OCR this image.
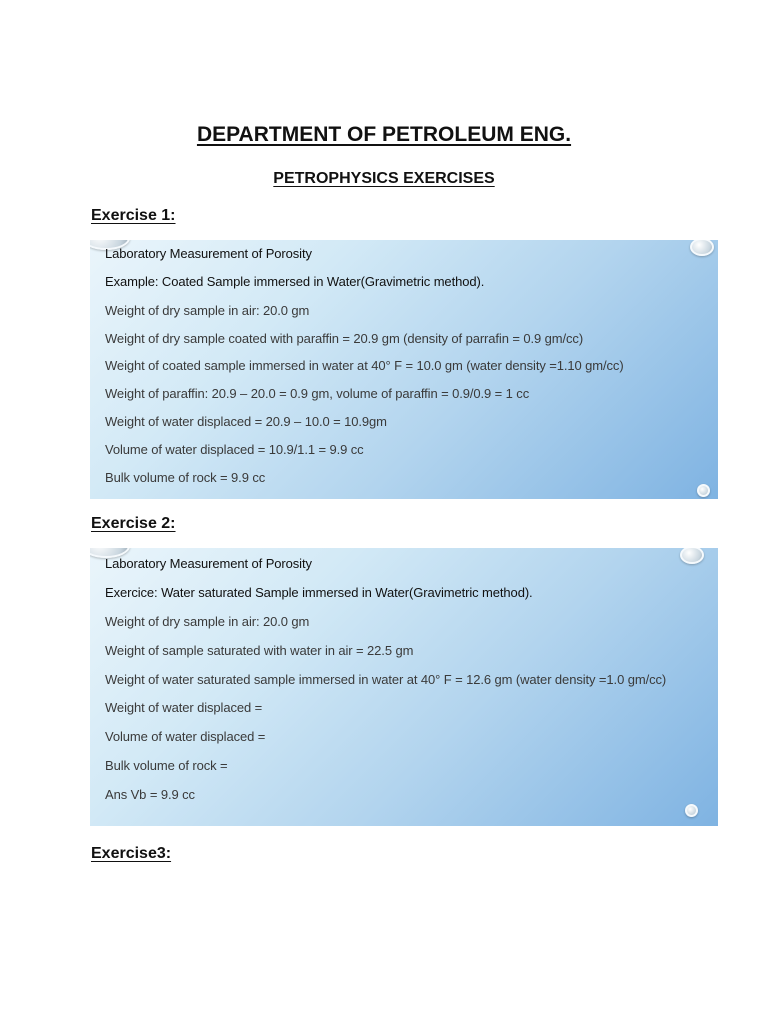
DEPARTMENT OF PETROLEUM ENG.
PETROPHYSICS EXERCISES
Exercise 1:
Laboratory Measurement of Porosity
Example: Coated Sample immersed in Water(Gravimetric method).
Weight of dry sample in air: 20.0 gm
Weight of dry sample coated with paraffin = 20.9 gm (density of parrafin = 0.9 gm/cc)
Weight of coated sample immersed in water at 40° F = 10.0 gm (water density =1.10 gm/cc)
Weight of paraffin: 20.9 – 20.0 = 0.9 gm, volume of paraffin = 0.9/0.9 = 1 cc
Weight of water displaced = 20.9 – 10.0 = 10.9gm
Volume of water displaced = 10.9/1.1 = 9.9 cc
Bulk volume of rock = 9.9 cc
Exercise 2:
Laboratory Measurement of Porosity
Exercice: Water saturated Sample immersed in Water(Gravimetric method).
Weight of dry sample in air: 20.0 gm
Weight of sample saturated with water in air = 22.5 gm
Weight of water saturated sample immersed in water at 40° F = 12.6 gm (water density =1.0 gm/cc)
Weight of water displaced =
Volume of water displaced =
Bulk volume of rock =
Ans Vb = 9.9 cc
Exercise3:
